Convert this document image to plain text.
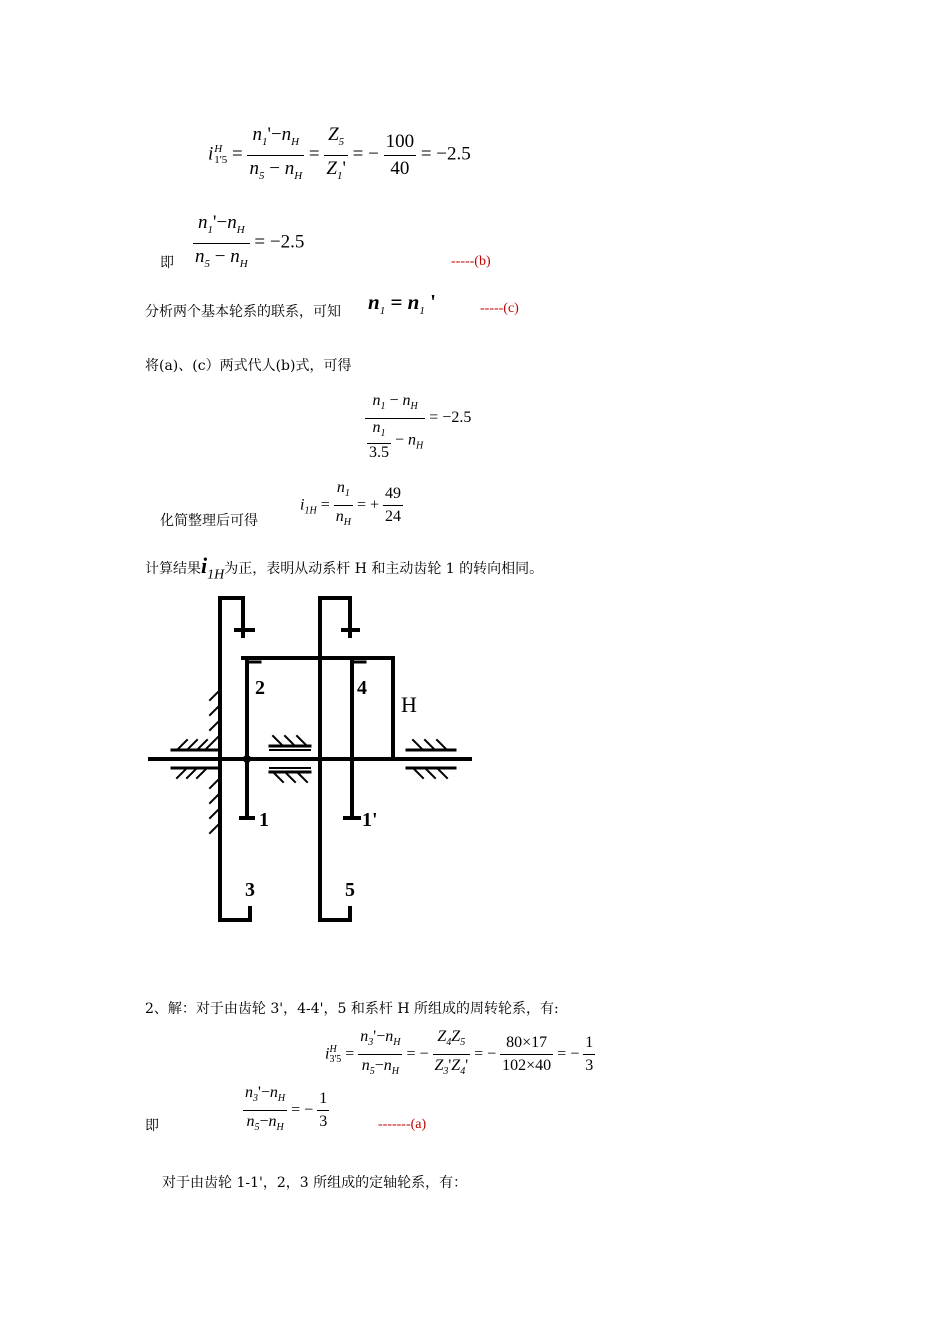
i H
$1'5 = \frac{n_1'-n_H}{n_5 - n_H} = \frac{Z_5}{Z_1'}$ = − $\frac{100}{40} = -2.5$
$\frac{n_1'-n_H}{n_5 - n_H} = -2.5$
即	-----(b)
分析两个基本轮系的联系，可知 $n_1 = n_1$ '	-----(c)
将(a)、(c）两式代人(b)式，可得
$\frac{n_1 - n_H}{\frac{n_1}{3.5} - n_H} = -2.5$
化简整理后可得
$i_{1H} = \frac{n_1}{n_H}$ = + $\frac{49}{24}$
计算结果$i_{1H}$为正，表明从动系杆 H 和主动齿轮 1 的转向相同。
2	4
H
1	1'
3	5
2、解：对于由齿轮 3'，4-4'，5 和系杆 H 所组成的周转轮系，有:
i H
$3'5 = \frac{n_3'-n_H}{n_5-n_H}$ = − $\frac{Z_4Z_5}{Z_3'Z_4'}$ = − $\frac{80\times 17}{102\times 40}$ = − $\frac{1}{3}$
即	$\frac{n_3'-n_H}{n_5-n_H}$ = − $\frac{1}{3}$	-------(a)
对于由齿轮 1-1'，2，3 所组成的定轴轮系，有：
